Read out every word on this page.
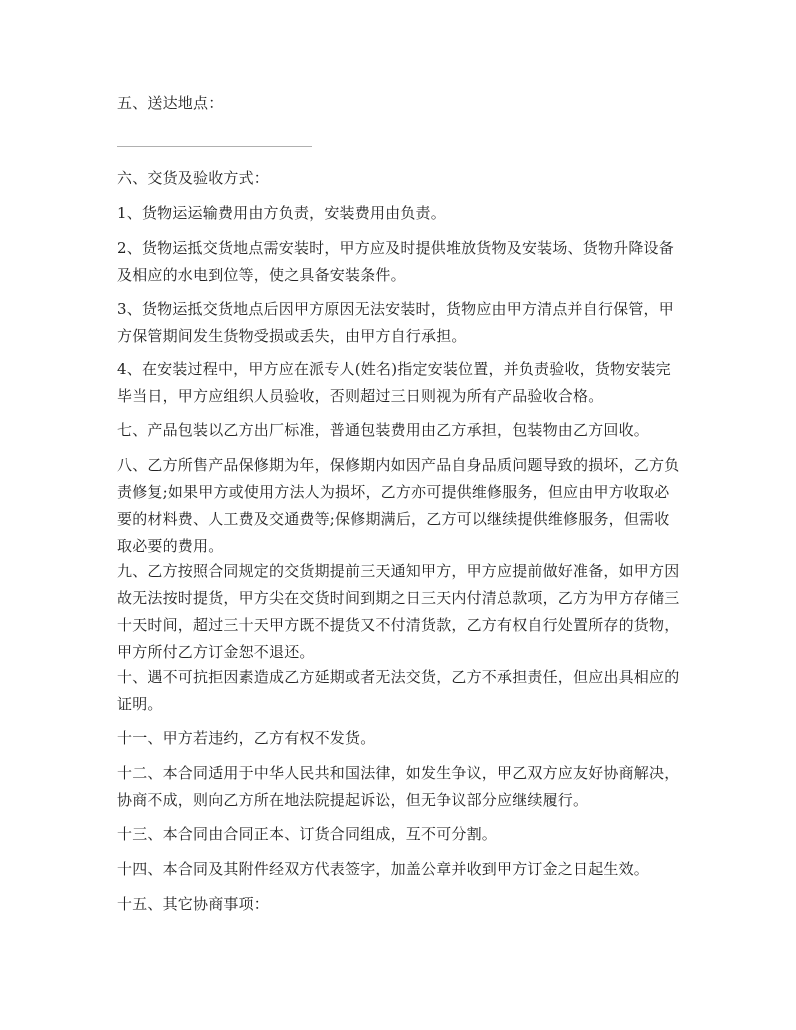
五、送达地点：
六、交货及验收方式：
1、货物运运输费用由方负责，安装费用由负责。
2、货物运抵交货地点需安装时，甲方应及时提供堆放货物及安装场、货物升降设备及相应的水电到位等，使之具备安装条件。
3、货物运抵交货地点后因甲方原因无法安装时，货物应由甲方清点并自行保管，甲方保管期间发生货物受损或丢失，由甲方自行承担。
4、在安装过程中，甲方应在派专人(姓名)指定安装位置，并负责验收，货物安装完毕当日，甲方应组织人员验收，否则超过三日则视为所有产品验收合格。
七、产品包装以乙方出厂标准，普通包装费用由乙方承担，包装物由乙方回收。
八、乙方所售产品保修期为年，保修期内如因产品自身品质问题导致的损坏，乙方负责修复;如果甲方或使用方法人为损坏，乙方亦可提供维修服务，但应由甲方收取必要的材料费、人工费及交通费等;保修期满后，乙方可以继续提供维修服务，但需收取必要的费用。
九、乙方按照合同规定的交货期提前三天通知甲方，甲方应提前做好准备，如甲方因故无法按时提货，甲方尖在交货时间到期之日三天内付清总款项，乙方为甲方存储三十天时间，超过三十天甲方既不提货又不付清货款，乙方有权自行处置所存的货物，甲方所付乙方订金恕不退还。
十、遇不可抗拒因素造成乙方延期或者无法交货，乙方不承担责任，但应出具相应的证明。
十一、甲方若违约，乙方有权不发货。
十二、本合同适用于中华人民共和国法律，如发生争议，甲乙双方应友好协商解决，协商不成，则向乙方所在地法院提起诉讼，但无争议部分应继续履行。
十三、本合同由合同正本、订货合同组成，互不可分割。
十四、本合同及其附件经双方代表签字，加盖公章并收到甲方订金之日起生效。
十五、其它协商事项：
